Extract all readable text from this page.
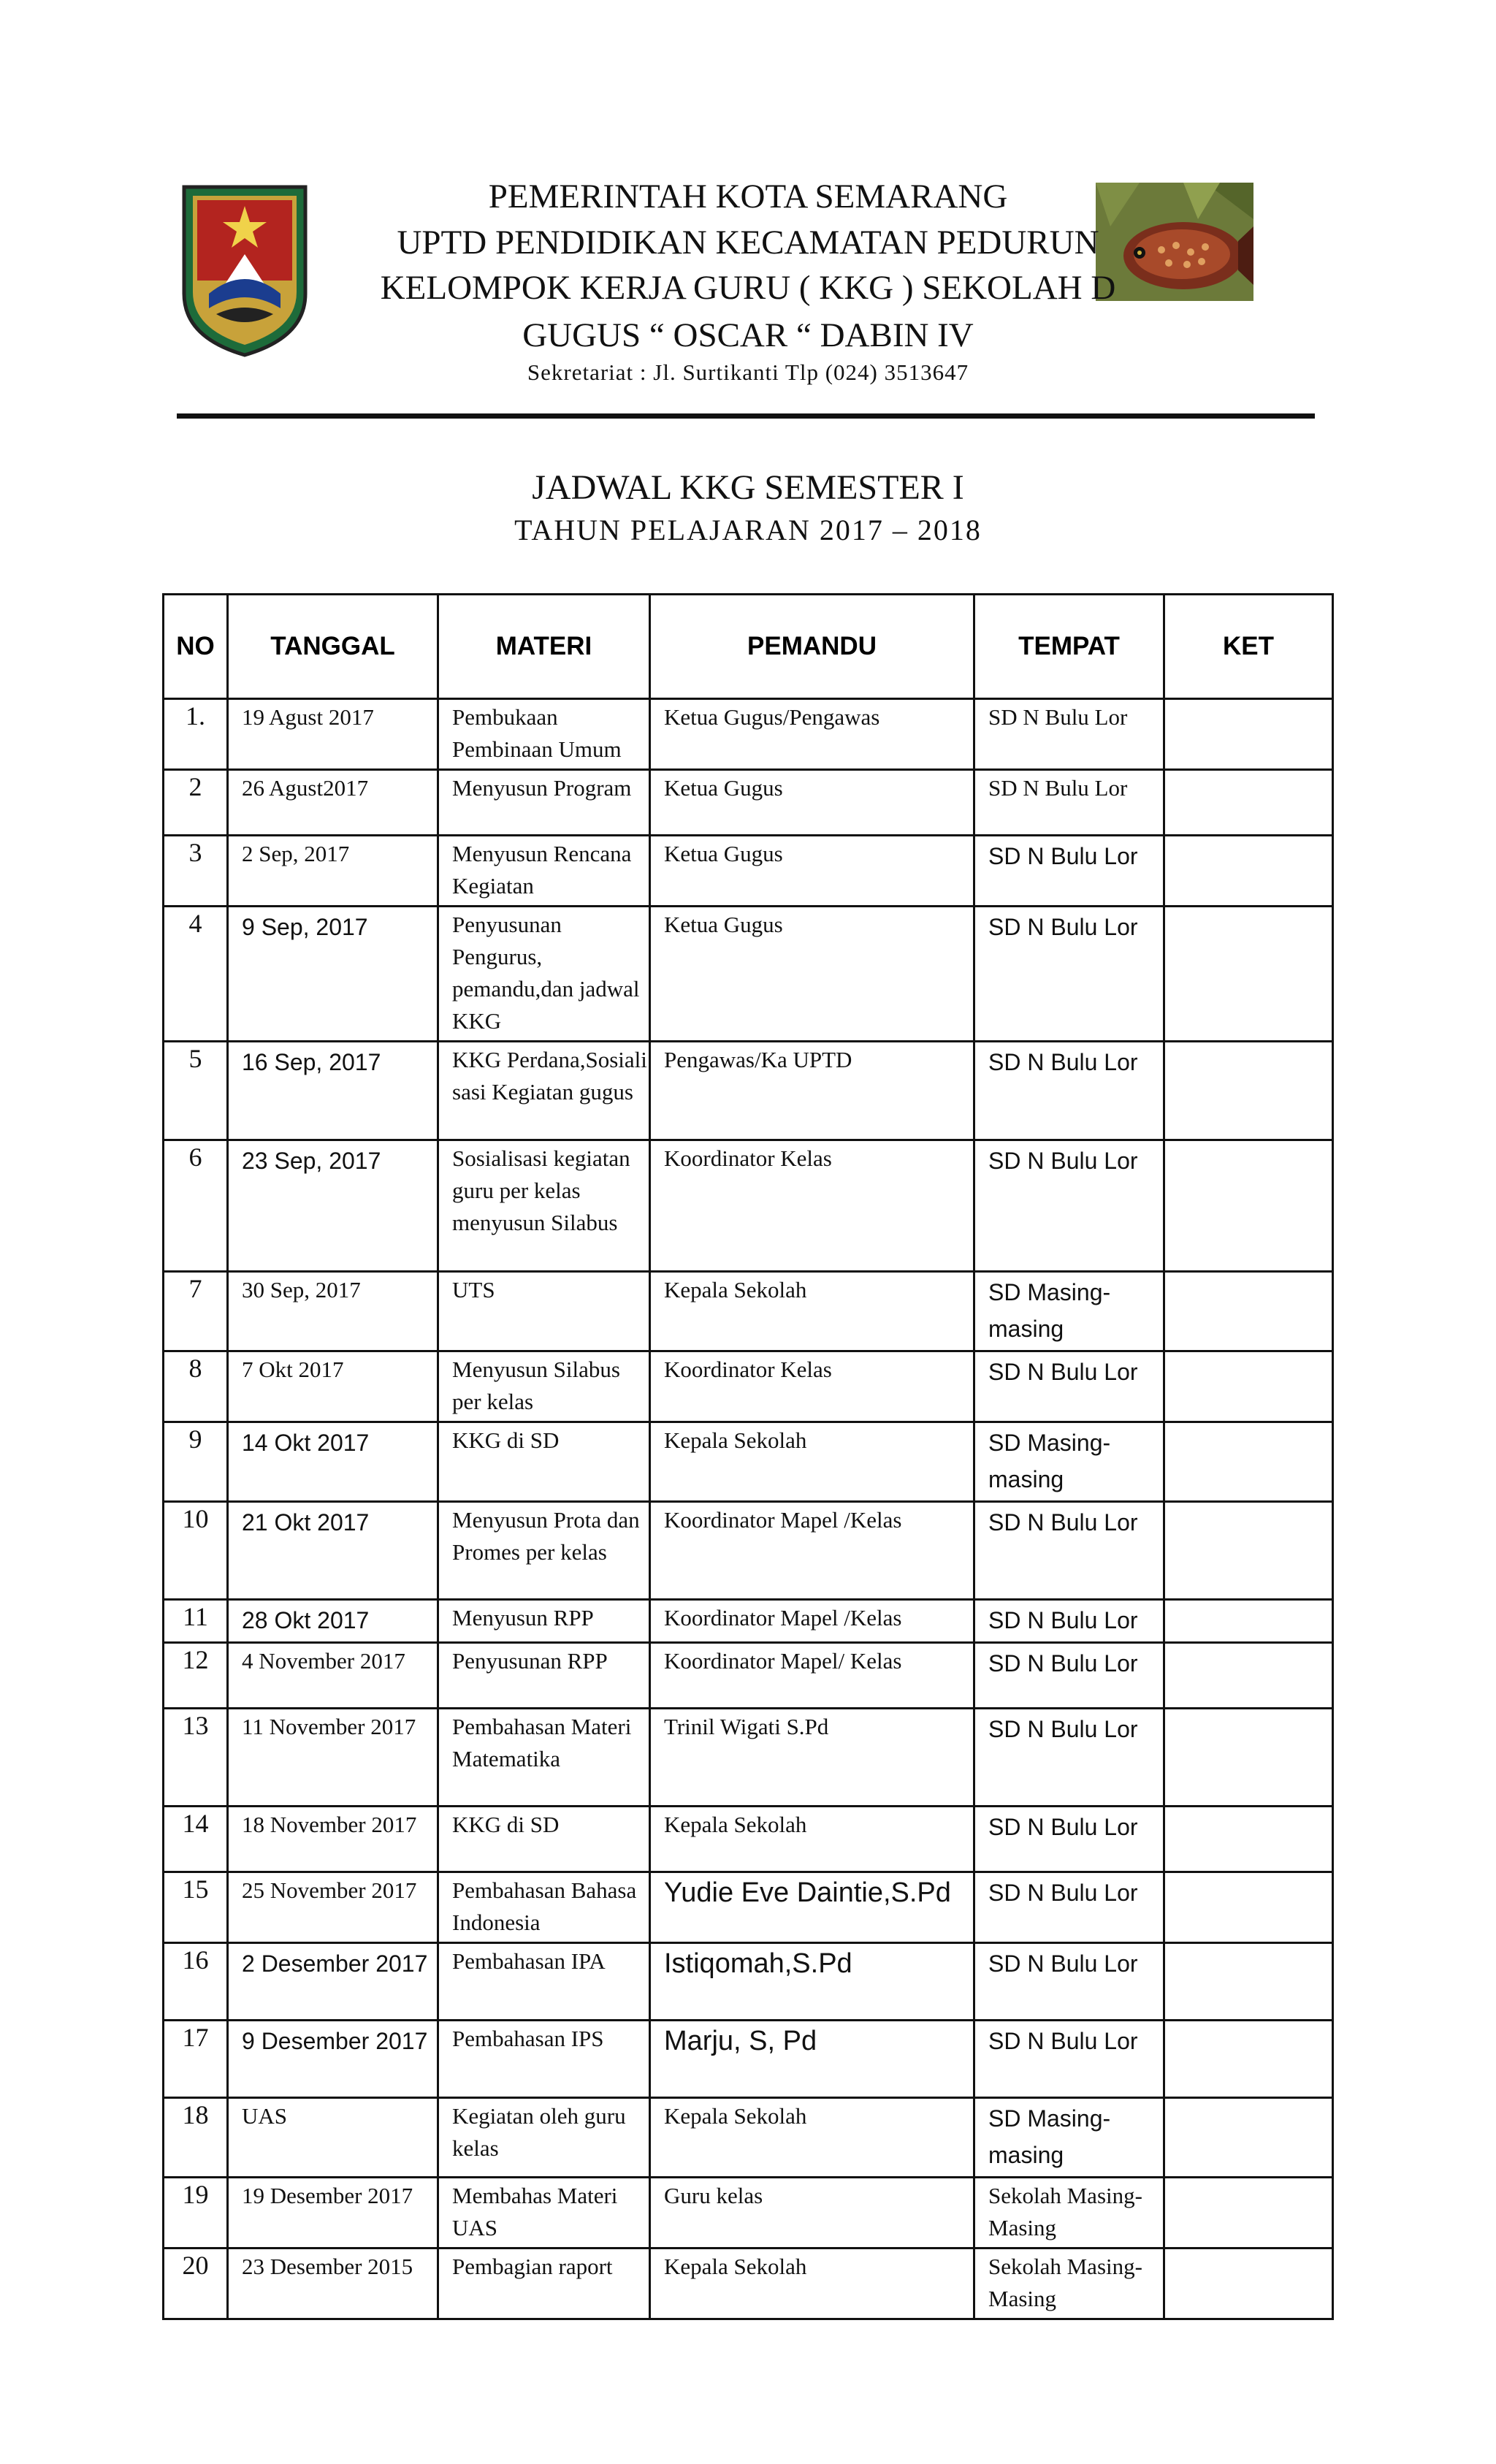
PEMERINTAH KOTA SEMARANG
UPTD PENDIDIKAN KECAMATAN PEDURUN
KELOMPOK KERJA GURU ( KKG ) SEKOLAH D
GUGUS “ OSCAR “ DABIN IV
Sekretariat : Jl. Surtikanti Tlp (024) 3513647
JADWAL KKG SEMESTER I
TAHUN PELAJARAN 2017 – 2018
NO	TANGGAL	MATERI	PEMANDU	TEMPAT	KET
1.	19 Agust 2017	Pembukaan Pembinaan Umum	Ketua Gugus/Pengawas	SD N Bulu Lor	
2	26 Agust2017	Menyusun Program	Ketua Gugus	SD N Bulu Lor	
3	2 Sep, 2017	Menyusun Rencana Kegiatan	Ketua Gugus	SD N Bulu Lor	
4	9 Sep, 2017	Penyusunan Pengurus, pemandu,dan jadwal KKG	Ketua Gugus	SD N Bulu Lor	
5	16 Sep, 2017	KKG Perdana,Sosialisasi Kegiatan gugus	Pengawas/Ka UPTD	SD N Bulu Lor	
6	23 Sep, 2017	Sosialisasi kegiatan guru per kelas menyusun Silabus	Koordinator Kelas	SD N Bulu Lor	
7	30 Sep, 2017	UTS	Kepala Sekolah	SD Masing-masing	
8	7 Okt 2017	Menyusun Silabus per kelas	Koordinator Kelas	SD N Bulu Lor	
9	14 Okt 2017	KKG di SD	Kepala Sekolah	SD Masing-masing	
10	21 Okt 2017	Menyusun Prota dan Promes per kelas	Koordinator Mapel /Kelas	SD N Bulu Lor	
11	28 Okt 2017	Menyusun RPP	Koordinator Mapel /Kelas	SD N Bulu Lor	
12	4 November 2017	Penyusunan RPP	Koordinator Mapel/ Kelas	SD N Bulu Lor	
13	11 November 2017	Pembahasan Materi Matematika	Trinil Wigati S.Pd	SD N Bulu Lor	
14	18 November 2017	KKG di SD	Kepala Sekolah	SD N Bulu Lor	
15	25 November 2017	Pembahasan Bahasa Indonesia	Yudie Eve Daintie,S.Pd	SD N Bulu Lor	
16	2 Desember 2017	Pembahasan IPA	Istiqomah,S.Pd	SD N Bulu Lor	
17	9 Desember 2017	Pembahasan IPS	Marju, S, Pd	SD N Bulu Lor	
18	UAS	Kegiatan oleh guru kelas	Kepala Sekolah	SD Masing-masing	
19	19 Desember 2017	Membahas Materi UAS	Guru kelas	Sekolah Masing-Masing	
20	23 Desember 2015	Pembagian raport	Kepala Sekolah	Sekolah Masing-Masing	
